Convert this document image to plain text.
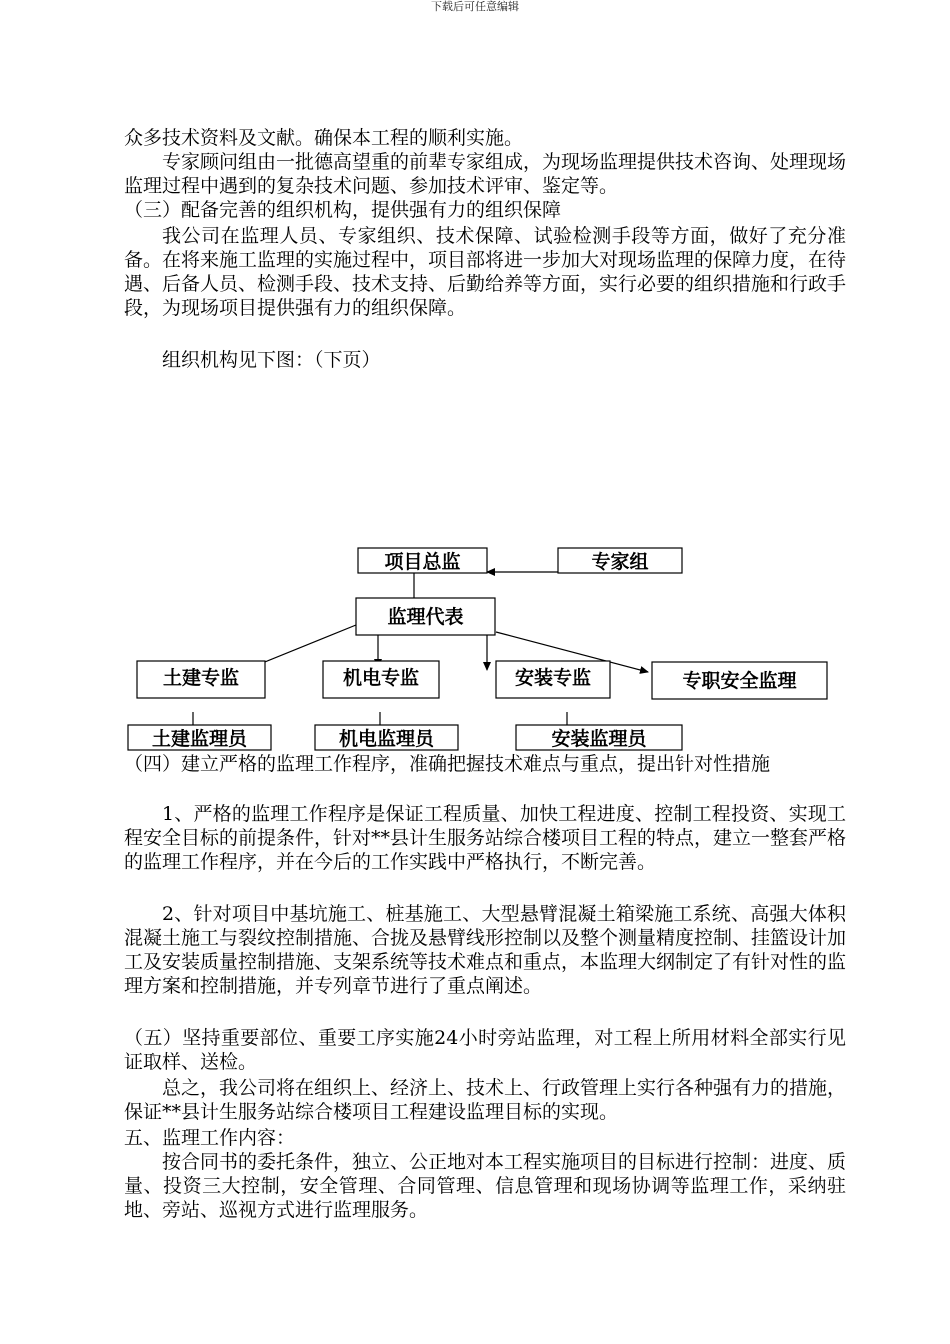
下载后可任意编辑

众多技术资料及文献。确保本工程的顺利实施。

专家顾问组由一批德高望重的前辈专家组成，为现场监理提供技术咨询、处理现场监理过程中遇到的复杂技术问题、参加技术评审、鉴定等。

（三）配备完善的组织机构，提供强有力的组织保障

我公司在监理人员、专家组织、技术保障、试验检测手段等方面，做好了充分准备。在将来施工监理的实施过程中，项目部将进一步加大对现场监理的保障力度，在待遇、后备人员、检测手段、技术支持、后勤给养等方面，实行必要的组织措施和行政手段，为现场项目提供强有力的组织保障。

组织机构见下图：（下页）

项目总监	专家组
监理代表
土建专监	机电专监	安装专监	专职安全监理
土建监理员	机电监理员	安装监理员

（四）建立严格的监理工作程序，准确把握技术难点与重点，提出针对性措施

1、严格的监理工作程序是保证工程质量、加快工程进度、控制工程投资、实现工程安全目标的前提条件，针对**县计生服务站综合楼项目工程的特点，建立一整套严格的监理工作程序，并在今后的工作实践中严格执行，不断完善。

2、针对项目中基坑施工、桩基施工、大型悬臂混凝土箱梁施工系统、高强大体积混凝土施工与裂纹控制措施、合拢及悬臂线形控制以及整个测量精度控制、挂篮设计加工及安装质量控制措施、支架系统等技术难点和重点，本监理大纲制定了有针对性的监理方案和控制措施，并专列章节进行了重点阐述。

（五）坚持重要部位、重要工序实施24小时旁站监理，对工程上所用材料全部实行见证取样、送检。

总之，我公司将在组织上、经济上、技术上、行政管理上实行各种强有力的措施，保证**县计生服务站综合楼项目工程建设监理目标的实现。

五、监理工作内容：

按合同书的委托条件，独立、公正地对本工程实施项目的目标进行控制：进度、质量、投资三大控制，安全管理、合同管理、信息管理和现场协调等监理工作，采纳驻地、旁站、巡视方式进行监理服务。
